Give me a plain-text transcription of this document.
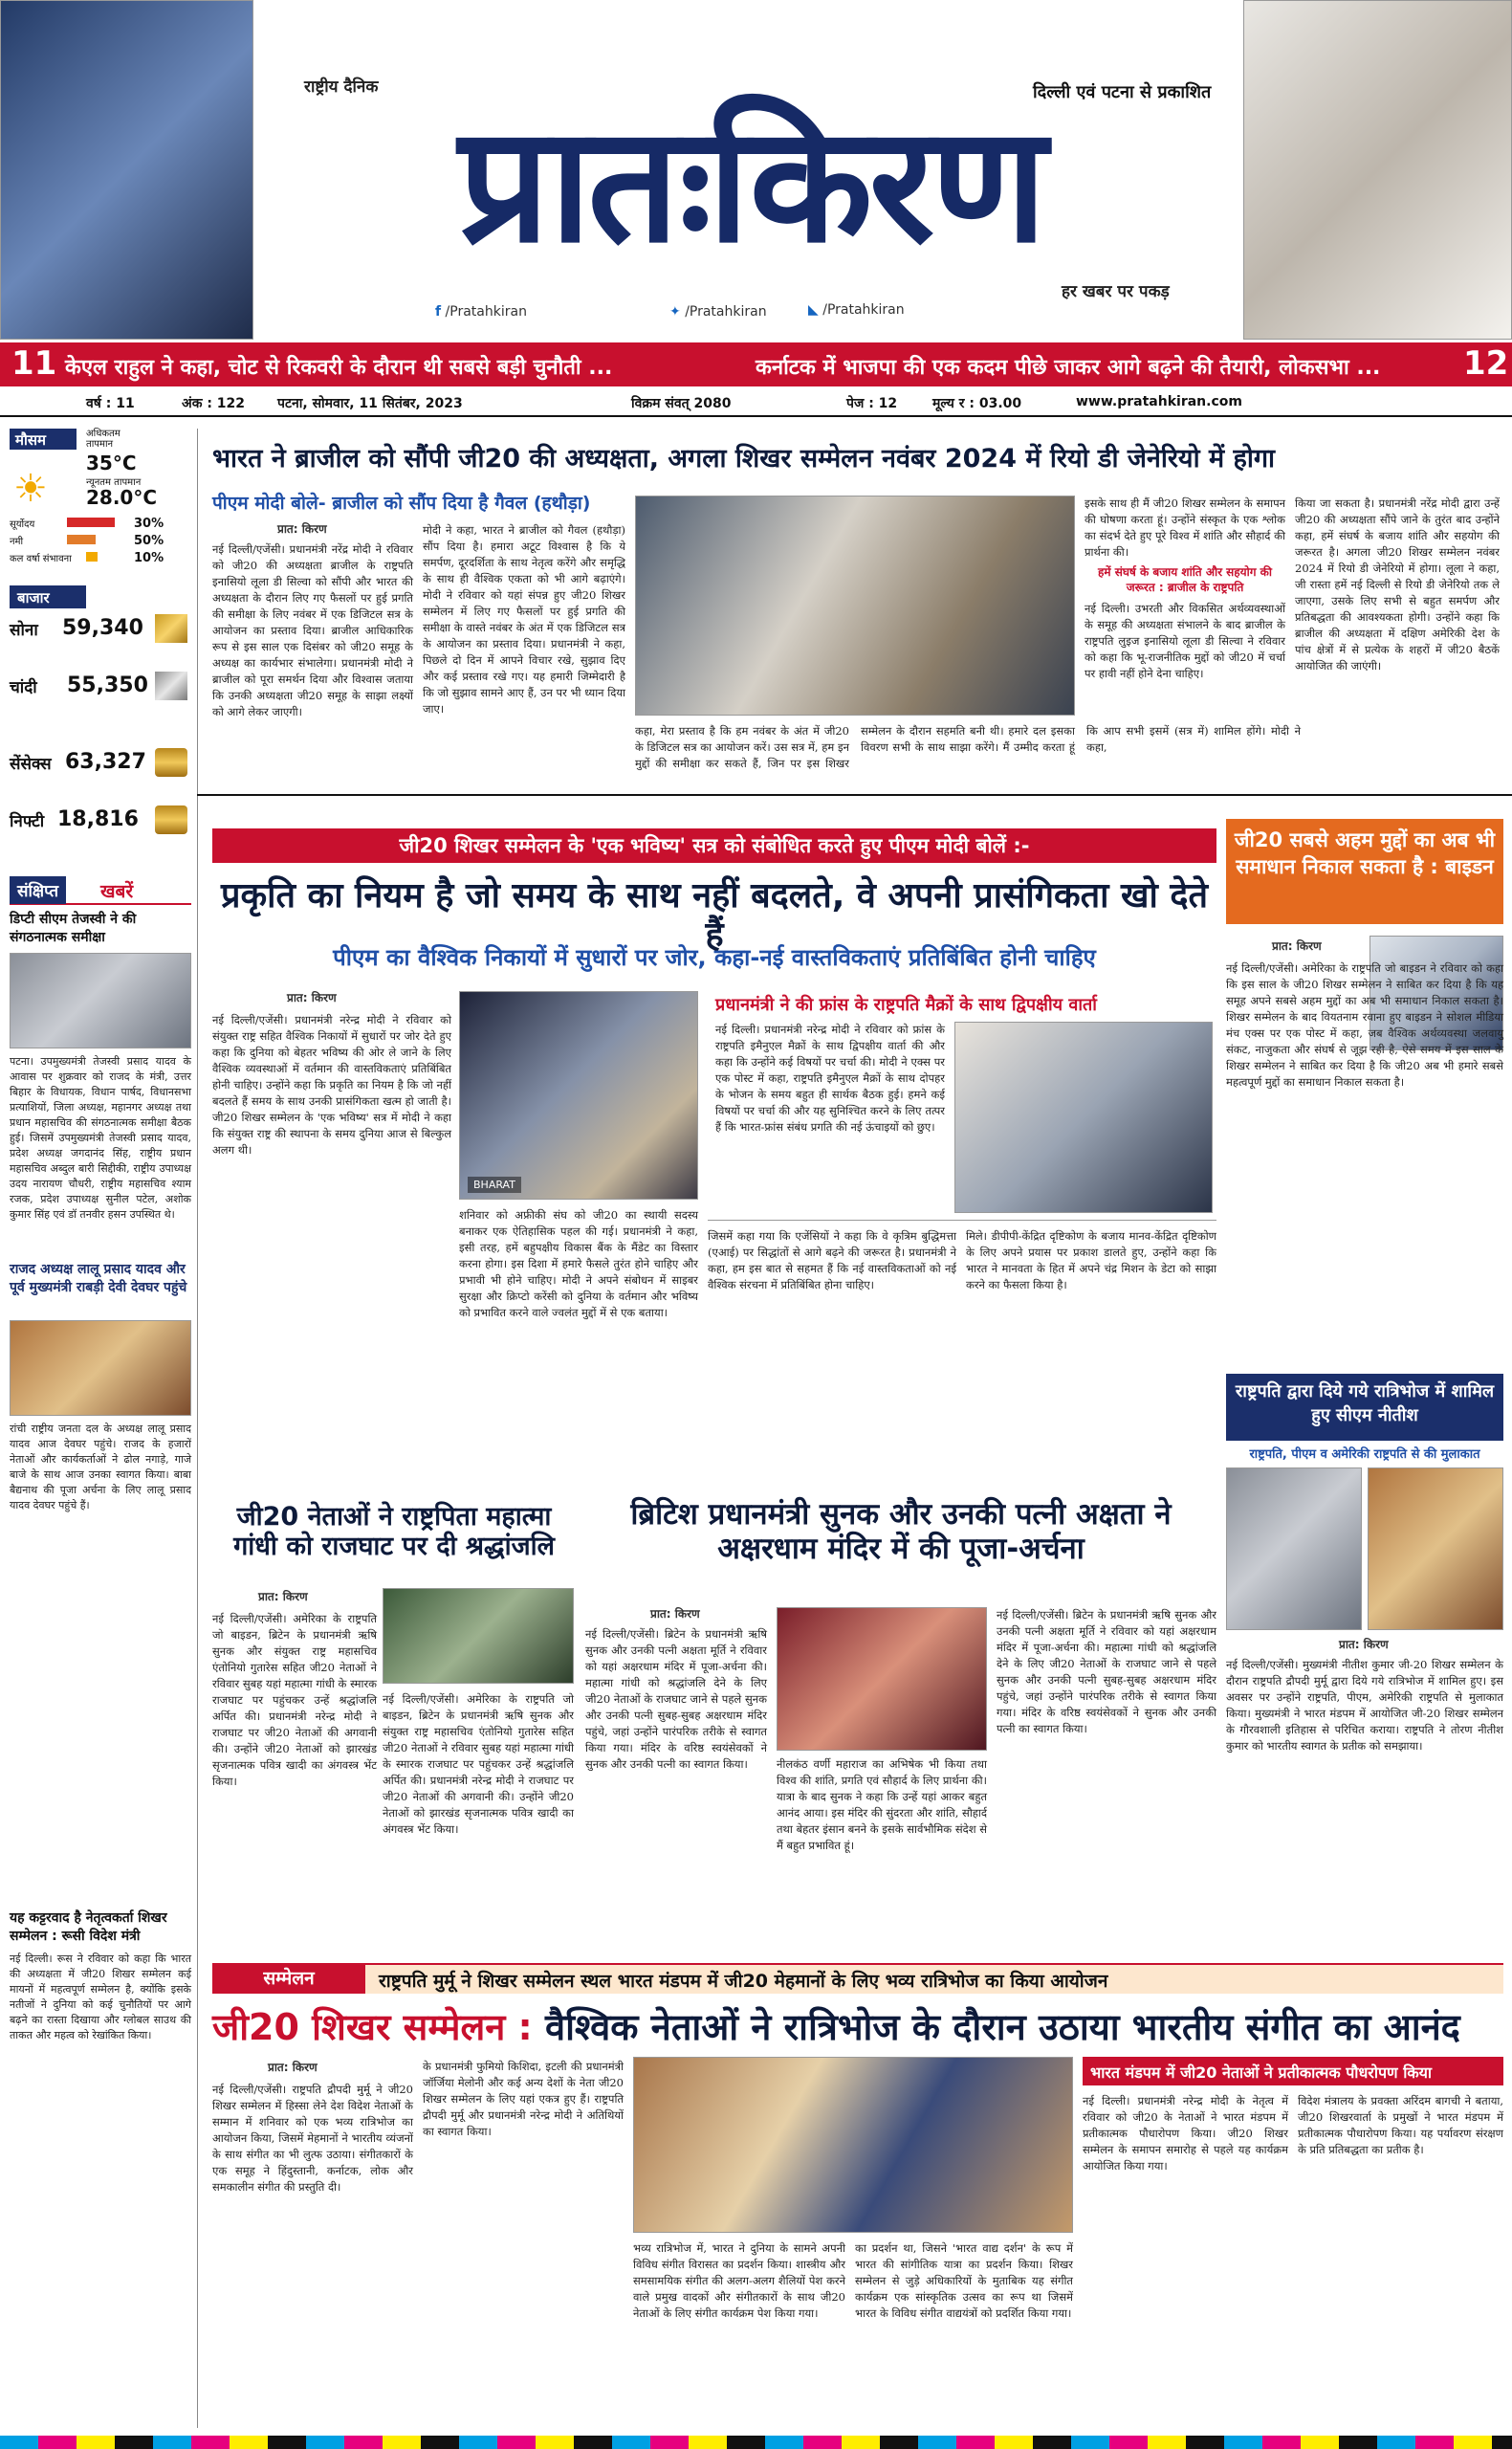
राष्ट्रीय दैनिक	दिल्ली एवं पटना से प्रकाशित
प्रातःकिरण
हर खबर पर पकड़
f /Pratahkiran	✦ /Pratahkiran	◣ /Pratahkiran
11 केएल राहुल ने कहा, चोट से रिकवरी के दौरान थी सबसे बड़ी चुनौती ...	कर्नाटक में भाजपा की एक कदम पीछे जाकर आगे बढ़ने की तैयारी, लोकसभा ...	12
वर्ष : 11	अंक : 122 पटना, सोमवार, 11 सितंबर, 2023	विक्रम संवत् 2080	पेज : 12	मूल्य र : 03.00	www.pratahkiran.com
मौसम	अधिकतम तापमान
☀
35°C
न्यूनतम तापमान
28.0°C
सूर्योदय	30%
नमी	50%
कल वर्षा संभावना	10%
बाजार
सोना 59,340
चांदी 55,350
सेंसेक्स 63,327
निफ्टी 18,816
भारत ने ब्राजील को सौंपी जी20 की अध्यक्षता, अगला शिखर सम्मेलन नवंबर 2024 में रियो डी जेनेरियो में होगा
पीएम मोदी बोले- ब्राजील को सौंप दिया है गैवल (हथौड़ा)
प्रात: किरण
नई दिल्ली/एजेंसी। प्रधानमंत्री नरेंद्र मोदी ने रविवार को जी20 की अध्यक्षता ब्राजील के राष्ट्रपति इनासियो लूला डी सिल्वा को सौंपी और भारत की अध्यक्षता के दौरान लिए गए फैसलों पर हुई प्रगति की समीक्षा के लिए नवंबर में एक डिजिटल सत्र के आयोजन का प्रस्ताव दिया। ब्राजील आधिकारिक रूप से इस साल एक दिसंबर को जी20 समूह के अध्यक्ष का कार्यभार संभालेगा। प्रधानमंत्री मोदी ने ब्राजील को पूरा समर्थन दिया और विश्वास जताया कि उनकी अध्यक्षता जी20 समूह के साझा लक्ष्यों को आगे लेकर जाएगी।
मोदी ने कहा, भारत ने ब्राजील को गैवल (हथौड़ा) सौंप दिया है। हमारा अटूट विश्वास है कि ये समर्पण, दूरदर्शिता के साथ नेतृत्व करेंगे और समृद्धि के साथ ही वैश्विक एकता को भी आगे बढ़ाएंगे। मोदी ने रविवार को यहां संपन्न हुए जी20 शिखर सम्मेलन में लिए गए फैसलों पर हुई प्रगति की समीक्षा के वास्ते नवंबर के अंत में एक डिजिटल सत्र के आयोजन का प्रस्ताव दिया। प्रधानमंत्री ने कहा, पिछले दो दिन में आपने विचार रखे, सुझाव दिए और कई प्रस्ताव रखे गए। यह हमारी जिम्मेदारी है कि जो सुझाव सामने आए हैं, उन पर भी ध्यान दिया जाए।
कहा, मेरा प्रस्ताव है कि हम नवंबर के अंत में जी20 के डिजिटल सत्र का आयोजन करें। उस सत्र में, हम इन मुद्दों की समीक्षा कर सकते हैं, जिन पर इस शिखर सम्मेलन के दौरान सहमति बनी थी। हमारे दल इसका विवरण सभी के साथ साझा करेंगे। मैं उम्मीद करता हूं कि आप सभी इसमें (सत्र में) शामिल होंगे। मोदी ने कहा,
इसके साथ ही मैं जी20 शिखर सम्मेलन के समापन की घोषणा करता हूं। उन्होंने संस्कृत के एक श्लोक का संदर्भ देते हुए पूरे विश्व में शांति और सौहार्द की प्रार्थना की।
हमें संघर्ष के बजाय शांति और सहयोग की जरूरत : ब्राजील के राष्ट्रपति
नई दिल्ली। उभरती और विकसित अर्थव्यवस्थाओं के समूह की अध्यक्षता संभालने के बाद ब्राजील के राष्ट्रपति लुइज इनासियो लूला डी सिल्वा ने रविवार को कहा कि भू-राजनीतिक मुद्दों को जी20 में चर्चा पर हावी नहीं होने देना चाहिए।
किया जा सकता है। प्रधानमंत्री नरेंद्र मोदी द्वारा उन्हें जी20 की अध्यक्षता सौंपे जाने के तुरंत बाद उन्होंने कहा, हमें संघर्ष के बजाय शांति और सहयोग की जरूरत है। अगला जी20 शिखर सम्मेलन नवंबर 2024 में रियो डी जेनेरियो में होगा। लूला ने कहा, जी रास्ता हमें नई दिल्ली से रियो डी जेनेरियो तक ले जाएगा, उसके लिए सभी से बहुत समर्पण और प्रतिबद्धता की आवश्यकता होगी। उन्होंने कहा कि ब्राजील की अध्यक्षता में दक्षिण अमेरिकी देश के पांच क्षेत्रों में से प्रत्येक के शहरों में जी20 बैठकें आयोजित की जाएंगी।
संक्षिप्त	खबरें
डिप्टी सीएम तेजस्वी ने की संगठनात्मक समीक्षा
पटना। उपमुख्यमंत्री तेजस्वी प्रसाद यादव के आवास पर शुक्रवार को राजद के मंत्री, उत्तर बिहार के विधायक, विधान पार्षद, विधानसभा प्रत्याशियों, जिला अध्यक्ष, महानगर अध्यक्ष तथा प्रधान महासचिव की संगठनात्मक समीक्षा बैठक हुई। जिसमें उपमुख्यमंत्री तेजस्वी प्रसाद यादव, प्रदेश अध्यक्ष जगदानंद सिंह, राष्ट्रीय प्रधान महासचिव अब्दुल बारी सिद्दीकी, राष्ट्रीय उपाध्यक्ष उदय नारायण चौधरी, राष्ट्रीय महासचिव श्याम रजक, प्रदेश उपाध्यक्ष सुनील पटेल, अशोक कुमार सिंह एवं डॉ तनवीर हसन उपस्थित थे।
राजद अध्यक्ष लालू प्रसाद यादव और पूर्व मुख्यमंत्री राबड़ी देवी देवघर पहुंचे
रांची राष्ट्रीय जनता दल के अध्यक्ष लालू प्रसाद यादव आज देवघर पहुंचे। राजद के हजारों नेताओं और कार्यकर्ताओं ने ढोल नगाड़े, गाजे बाजे के साथ आज उनका स्वागत किया। बाबा बैद्यनाथ की पूजा अर्चना के लिए लालू प्रसाद यादव देवघर पहुंचे हैं।
यह कट्टरवाद है नेतृत्वकर्ता शिखर सम्मेलन : रूसी विदेश मंत्री
नई दिल्ली। रूस ने रविवार को कहा कि भारत की अध्यक्षता में जी20 शिखर सम्मेलन कई मायनों में महत्वपूर्ण सम्मेलन है, क्योंकि इसके नतीजों ने दुनिया को कई चुनौतियों पर आगे बढ़ने का रास्ता दिखाया और ग्लोबल साउथ की ताकत और महत्व को रेखांकित किया।
जी20 शिखर सम्मेलन के 'एक भविष्य' सत्र को संबोधित करते हुए पीएम मोदी बोलें :-
प्रकृति का नियम है जो समय के साथ नहीं बदलते, वे अपनी प्रासंगिकता खो देते हैं
पीएम का वैश्विक निकायों में सुधारों पर जोर, कहा-नई वास्तविकताएं प्रतिबिंबित होनी चाहिए
प्रात: किरण
नई दिल्ली/एजेंसी। प्रधानमंत्री नरेन्द्र मोदी ने रविवार को संयुक्त राष्ट्र सहित वैश्विक निकायों में सुधारों पर जोर देते हुए कहा कि दुनिया को बेहतर भविष्य की ओर ले जाने के लिए वैश्विक व्यवस्थाओं में वर्तमान की वास्तविकताएं प्रतिबिंबित होनी चाहिए। उन्होंने कहा कि प्रकृति का नियम है कि जो नहीं बदलते हैं समय के साथ उनकी प्रासंगिकता खत्म हो जाती है। जी20 शिखर सम्मेलन के 'एक भविष्य' सत्र में मोदी ने कहा कि संयुक्त राष्ट्र की स्थापना के समय दुनिया आज से बिल्कुल अलग थी।
BHARAT
शनिवार को अफ्रीकी संघ को जी20 का स्थायी सदस्य बनाकर एक ऐतिहासिक पहल की गई। प्रधानमंत्री ने कहा, इसी तरह, हमें बहुपक्षीय विकास बैंक के मैंडेट का विस्तार करना होगा। इस दिशा में हमारे फैसले तुरंत होने चाहिए और प्रभावी भी होने चाहिए। मोदी ने अपने संबोधन में साइबर सुरक्षा और क्रिप्टो करेंसी को दुनिया के वर्तमान और भविष्य को प्रभावित करने वाले ज्वलंत मुद्दों में से एक बताया।
प्रधानमंत्री ने की फ्रांस के राष्ट्रपति मैक्रों के साथ द्विपक्षीय वार्ता
नई दिल्ली। प्रधानमंत्री नरेन्द्र मोदी ने रविवार को फ्रांस के राष्ट्रपति इमैनुएल मैक्रों के साथ द्विपक्षीय वार्ता की और कहा कि उन्होंने कई विषयों पर चर्चा की। मोदी ने एक्स पर एक पोस्ट में कहा, राष्ट्रपति इमैनुएल मैक्रों के साथ दोपहर के भोजन के समय बहुत ही सार्थक बैठक हुई। हमने कई विषयों पर चर्चा की और यह सुनिश्चित करने के लिए तत्पर हैं कि भारत-फ्रांस संबंध प्रगति की नई ऊंचाइयों को छुए।
जिसमें कहा गया कि एजेंसियों ने कहा कि वे कृत्रिम बुद्धिमत्ता (एआई) पर सिद्धांतों से आगे बढ़ने की जरूरत है। प्रधानमंत्री ने कहा, हम इस बात से सहमत हैं कि नई वास्तविकताओं को नई वैश्विक संरचना में प्रतिबिंबित होना चाहिए।
मिले। डीपीपी-केंद्रित दृष्टिकोण के बजाय मानव-केंद्रित दृष्टिकोण के लिए अपने प्रयास पर प्रकाश डालते हुए, उन्होंने कहा कि भारत ने मानवता के हित में अपने चंद्र मिशन के डेटा को साझा करने का फैसला किया है।
जी20 सबसे अहम मुद्दों का अब भी समाधान निकाल सकता है : बाइडन
प्रात: किरण
नई दिल्ली/एजेंसी। अमेरिका के राष्ट्रपति जो बाइडन ने रविवार को कहा कि इस साल के जी20 शिखर सम्मेलन ने साबित कर दिया है कि यह समूह अपने सबसे अहम मुद्दों का अब भी समाधान निकाल सकता है। शिखर सम्मेलन के बाद वियतनाम रवाना हुए बाइडन ने सोशल मीडिया मंच एक्स पर एक पोस्ट में कहा, जब वैश्विक अर्थव्यवस्था जलवायु संकट, नाजुकता और संघर्ष से जूझ रही है, ऐसे समय में इस साल के शिखर सम्मेलन ने साबित कर दिया है कि जी20 अब भी हमारे सबसे महत्वपूर्ण मुद्दों का समाधान निकाल सकता है।
राष्ट्रपति द्वारा दिये गये रात्रिभोज में शामिल हुए सीएम नीतीश
राष्ट्रपति, पीएम व अमेरिकी राष्ट्रपति से की मुलाकात
प्रात: किरण
नई दिल्ली/एजेंसी। मुख्यमंत्री नीतीश कुमार जी-20 शिखर सम्मेलन के दौरान राष्ट्रपति द्रौपदी मुर्मू द्वारा दिये गये रात्रिभोज में शामिल हुए। इस अवसर पर उन्होंने राष्ट्रपति, पीएम, अमेरिकी राष्ट्रपति से मुलाकात किया। मुख्यमंत्री ने भारत मंडपम में आयोजित जी-20 शिखर सम्मेलन के गौरवशाली इतिहास से परिचित कराया। राष्ट्रपति ने तोरण नीतीश कुमार को भारतीय स्वागत के प्रतीक को समझाया।
जी20 नेताओं ने राष्ट्रपिता महात्मा गांधी को राजघाट पर दी श्रद्धांजलि
प्रात: किरण
नई दिल्ली/एजेंसी। अमेरिका के राष्ट्रपति जो बाइडन, ब्रिटेन के प्रधानमंत्री ऋषि सुनक और संयुक्त राष्ट्र महासचिव एंतोनियो गुतारेस सहित जी20 नेताओं ने रविवार सुबह यहां महात्मा गांधी के स्मारक राजघाट पर पहुंचकर उन्हें श्रद्धांजलि अर्पित की। प्रधानमंत्री नरेन्द्र मोदी ने राजघाट पर जी20 नेताओं की अगवानी की। उन्होंने जी20 नेताओं को झारखंड सृजनात्मक पवित्र खादी का अंगवस्त्र भेंट किया।
नई दिल्ली/एजेंसी। अमेरिका के राष्ट्रपति जो बाइडन, ब्रिटेन के प्रधानमंत्री ऋषि सुनक और संयुक्त राष्ट्र महासचिव एंतोनियो गुतारेस सहित जी20 नेताओं ने रविवार सुबह यहां महात्मा गांधी के स्मारक राजघाट पर पहुंचकर उन्हें श्रद्धांजलि अर्पित की। प्रधानमंत्री नरेन्द्र मोदी ने राजघाट पर जी20 नेताओं की अगवानी की। उन्होंने जी20 नेताओं को झारखंड सृजनात्मक पवित्र खादी का अंगवस्त्र भेंट किया।
ब्रिटिश प्रधानमंत्री सुनक और उनकी पत्नी अक्षता ने अक्षरधाम मंदिर में की पूजा-अर्चना
प्रात: किरण
नई दिल्ली/एजेंसी। ब्रिटेन के प्रधानमंत्री ऋषि सुनक और उनकी पत्नी अक्षता मूर्ति ने रविवार को यहां अक्षरधाम मंदिर में पूजा-अर्चना की। महात्मा गांधी को श्रद्धांजलि देने के लिए जी20 नेताओं के राजघाट जाने से पहले सुनक और उनकी पत्नी सुबह-सुबह अक्षरधाम मंदिर पहुंचे, जहां उन्होंने पारंपरिक तरीके से स्वागत किया गया। मंदिर के वरिष्ठ स्वयंसेवकों ने सुनक और उनकी पत्नी का स्वागत किया।	नीलकंठ वर्णी महाराज का अभिषेक भी किया तथा विश्व की शांति, प्रगति एवं सौहार्द के लिए प्रार्थना की। यात्रा के बाद सुनक ने कहा कि उन्हें यहां आकर बहुत आनंद आया। इस मंदिर की सुंदरता और शांति, सौहार्द तथा बेहतर इंसान बनने के इसके सार्वभौमिक संदेश से मैं बहुत प्रभावित हूं।
नई दिल्ली/एजेंसी। ब्रिटेन के प्रधानमंत्री ऋषि सुनक और उनकी पत्नी अक्षता मूर्ति ने रविवार को यहां अक्षरधाम मंदिर में पूजा-अर्चना की। महात्मा गांधी को श्रद्धांजलि देने के लिए जी20 नेताओं के राजघाट जाने से पहले सुनक और उनकी पत्नी सुबह-सुबह अक्षरधाम मंदिर पहुंचे, जहां उन्होंने पारंपरिक तरीके से स्वागत किया गया। मंदिर के वरिष्ठ स्वयंसेवकों ने सुनक और उनकी पत्नी का स्वागत किया।
सम्मेलन	राष्ट्रपति मुर्मू ने शिखर सम्मेलन स्थल भारत मंडपम में जी20 मेहमानों के लिए भव्य रात्रिभोज का किया आयोजन
जी20 शिखर सम्मेलन : वैश्विक नेताओं ने रात्रिभोज के दौरान उठाया भारतीय संगीत का आनंद
प्रात: किरण
नई दिल्ली/एजेंसी। राष्ट्रपति द्रौपदी मुर्मू ने जी20 शिखर सम्मेलन में हिस्सा लेने देश विदेश नेताओं के सम्मान में शनिवार को एक भव्य रात्रिभोज का आयोजन किया, जिसमें मेहमानों ने भारतीय व्यंजनों के साथ संगीत का भी लुत्फ उठाया। संगीतकारों के एक समूह ने हिंदुस्तानी, कर्नाटक, लोक और समकालीन संगीत की प्रस्तुति दी।
के प्रधानमंत्री फुमियो किशिदा, इटली की प्रधानमंत्री जॉर्जिया मेलोनी और कई अन्य देशों के नेता जी20 शिखर सम्मेलन के लिए यहां एकत्र हुए हैं। राष्ट्रपति द्रौपदी मुर्मू और प्रधानमंत्री नरेन्द्र मोदी ने अतिथियों का स्वागत किया।
भव्य रात्रिभोज में, भारत ने दुनिया के सामने अपनी विविध संगीत विरासत का प्रदर्शन किया। शास्त्रीय और समसामयिक संगीत की अलग-अलग शैलियों पेश करने वाले प्रमुख वादकों और संगीतकारों के साथ जी20 नेताओं के लिए संगीत कार्यक्रम पेश किया गया।
का प्रदर्शन था, जिसने 'भारत वाद्य दर्शन' के रूप में भारत की सांगीतिक यात्रा का प्रदर्शन किया। शिखर सम्मेलन से जुड़े अधिकारियों के मुताबिक यह संगीत कार्यक्रम एक सांस्कृतिक उत्सव का रूप था जिसमें भारत के विविध संगीत वाद्ययंत्रों को प्रदर्शित किया गया।
भारत मंडपम में जी20 नेताओं ने प्रतीकात्मक पौधरोपण किया
नई दिल्ली। प्रधानमंत्री नरेन्द्र मोदी के नेतृत्व में रविवार को जी20 के नेताओं ने भारत मंडपम में प्रतीकात्मक पौधारोपण किया। जी20 शिखर सम्मेलन के समापन समारोह से पहले यह कार्यक्रम आयोजित किया गया।
विदेश मंत्रालय के प्रवक्ता अरिंदम बागची ने बताया, जी20 शिखरवार्ता के प्रमुखों ने भारत मंडपम में प्रतीकात्मक पौधारोपण किया। यह पर्यावरण संरक्षण के प्रति प्रतिबद्धता का प्रतीक है।
